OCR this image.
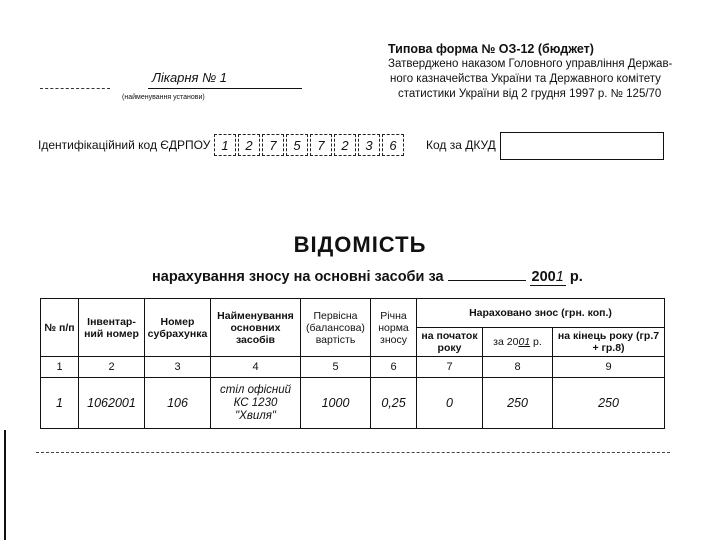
Типова форма № ОЗ-12 (бюджет)
Затверджено наказом Головного управління Держав-
ного казначейства України та Державного комітету
статистики України від 2 грудня 1997 р. № 125/70
Лікарня № 1
(найменування установи)
Ідентифікаційний код ЄДРПОУ 1	2	7	5	7	2	3	6	Код за ДКУД
ВІДОМІСТЬ
нарахування зносу на основні засоби за	2001 р.
№ п/п	Інвентар-ний номер	Номер субрахунка	Найменування основних засобів	Первісна (балансова) вартість	Річна норма зносу	Нараховано знос (грн. коп.)		
						на початок року	за 2001 р.	на кінець року (гр.7 + гр.8)
1	2	3	4	5	6	7	8	9
1	1062001	106	стіл офісний
КС 1230
"Хвиля"	1000	0,25	0	250	250
